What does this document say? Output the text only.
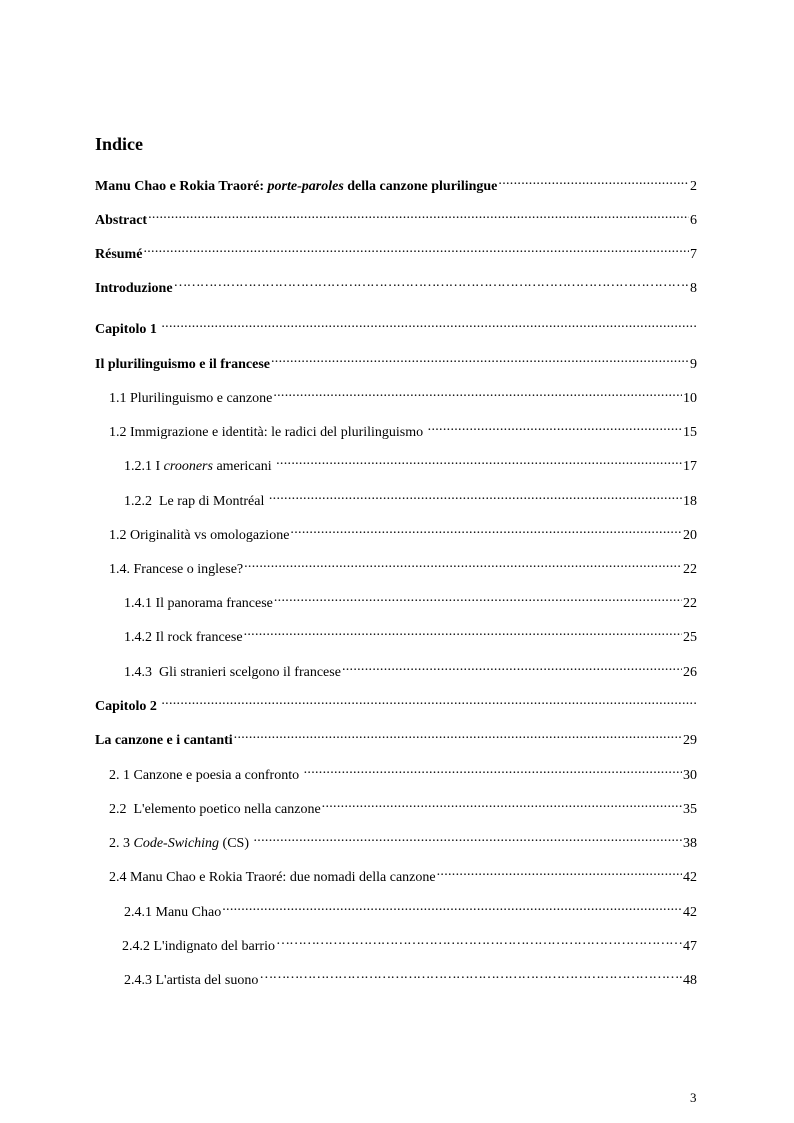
Indice
Manu Chao e Rokia Traoré: porte-paroles della canzone plurilingue .....	2
Abstract .....	6
Résumé .....	7
Introduzione … … … … … … … … … … … … … … … … … … … … … … … … … … … … … … … … … … … … … … … … … … … … … … … … … … … … … … … … … … … …	8
Capitolo 1
.....
Il plurilinguismo e il francese .....	9
1.1 Plurilinguismo e canzone .....	10
1.2 Immigrazione e identità: le radici del plurilinguismo .....	15
1.2.1 I crooners americani .....	17
1.2.2  Le rap di Montréal .....	18
1.2 Originalità vs omologazione .....	20
1.4. Francese o inglese? .....	22
1.4.1 Il panorama francese .....	22
1.4.2 Il rock francese .....	25
1.4.3  Gli stranieri scelgono il francese .....	26
Capitolo 2
.....
La canzone e i cantanti .....	29
2. 1 Canzone e poesia a confronto .....	30
2.2  L'elemento poetico nella canzone .....	35
2. 3 Code-Swiching (CS) .....	38
2.4 Manu Chao e Rokia Traoré: due nomadi della canzone .....	42
2.4.1 Manu Chao .....	42
2.4.2 L'indignato del barrio … … … … … … … … … … … … … … … … … … … … … … … … … … … … … … … … … … … … … … … … … … … … … … … … … … … … … … … … … … … …	47
2.4.3 L'artista del suono … … … … … … … … … … … … … … … … … … … … … … … … … … … … … … … … … … … … … … … … … … … … … … … … … … … … … … … … … … … …	48
3
